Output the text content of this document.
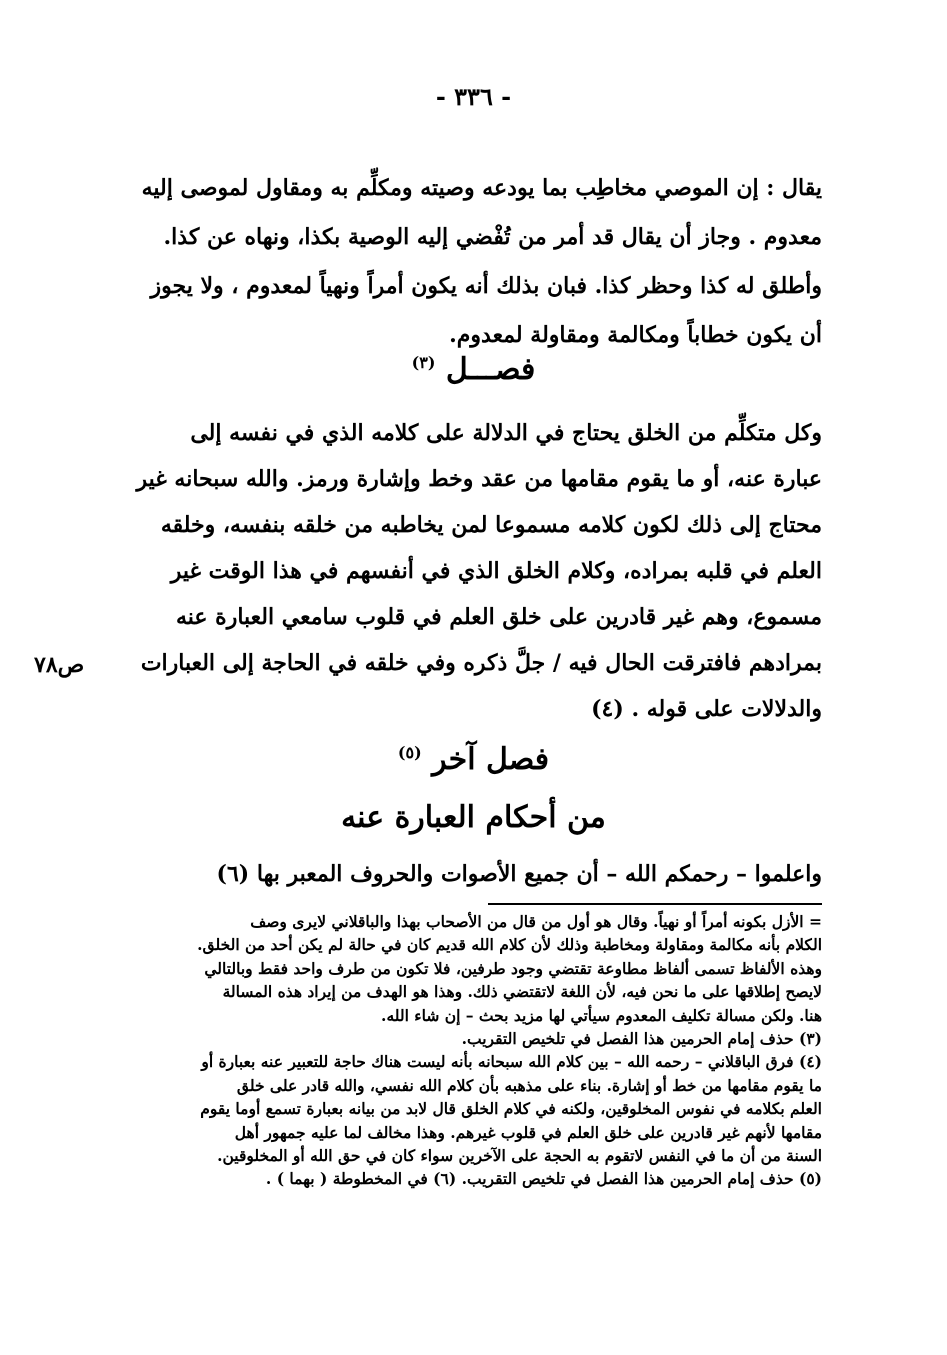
- ٣٣٦ -
يقال : إن الموصي مخاطِب بما يودعه وصيته ومكلِّم به ومقاول لموصى إليه
معدوم . وجاز أن يقال قد أمر من تُفْضي إليه الوصية بكذا، ونهاه عن كذا.
وأطلق له كذا وحظر كذا. فبان بذلك أنه يكون أمراً ونهياً لمعدوم ، ولا يجوز
أن يكون خطاباً ومكالمة ومقاولة لمعدوم.
فصـــل $^{(٣)}$
وكل متكلِّم من الخلق يحتاج في الدلالة على كلامه الذي في نفسه إلى
عبارة عنه، أو ما يقوم مقامها من عقد وخط وإشارة ورمز. والله سبحانه غير
محتاج إلى ذلك لكون كلامه مسموعا لمن يخاطبه من خلقه بنفسه، وخلقه
العلم في قلبه بمراده، وكلام الخلق الذي في أنفسهم في هذا الوقت غير
مسموع، وهم غير قادرين على خلق العلم في قلوب سامعي العبارة عنه
بمرادهم فافترقت الحال فيه / جلَّ ذكره وفي خلقه في الحاجة إلى العبارات
والدلالات على قوله . (٤)
ص٧٨
فصل آخر $^{(٥)}$
من أحكام العبارة عنه
واعلموا – رحمكم الله – أن جميع الأصوات والحروف المعبر بها (٦)
= الأزل بكونه أمراً أو نهياً. وقال هو أول من قال من الأصحاب بهذا والباقلاني لايرى وصف
الكلام بأنه مكالمة ومقاولة ومخاطبة وذلك لأن كلام الله قديم كان في حالة لم يكن أحد من الخلق.
وهذه الألفاظ تسمى ألفاظ مطاوعة تقتضي وجود طرفين، فلا تكون من طرف واحد فقط وبالتالي
لايصح إطلاقها على ما نحن فيه، لأن اللغة لاتقتضي ذلك. وهذا هو الهدف من إيراد هذه المسالة
هنا. ولكن مسالة تكليف المعدوم سيأتي لها مزيد بحث – إن شاء الله.
(٣) حذف إمام الحرمين هذا الفصل في تلخيص التقريب.
(٤) فرق الباقلاني – رحمه الله – بين كلام الله سبحانه بأنه ليست هناك حاجة للتعبير عنه بعبارة أو
ما يقوم مقامها من خط أو إشارة. بناء على مذهبه بأن كلام الله نفسي، والله قادر على خلق
العلم بكلامه في نفوس المخلوقين، ولكنه في كلام الخلق قال لابد من بيانه بعبارة تسمع أوما يقوم
مقامها لأنهم غير قادرين على خلق العلم في قلوب غيرهم. وهذا مخالف لما عليه جمهور أهل
السنة من أن ما في النفس لاتقوم به الحجة على الآخرين سواء كان في حق الله أو المخلوقين.
(٥) حذف إمام الحرمين هذا الفصل في تلخيص التقريب. (٦) في المخطوطة ( بهما ) .
